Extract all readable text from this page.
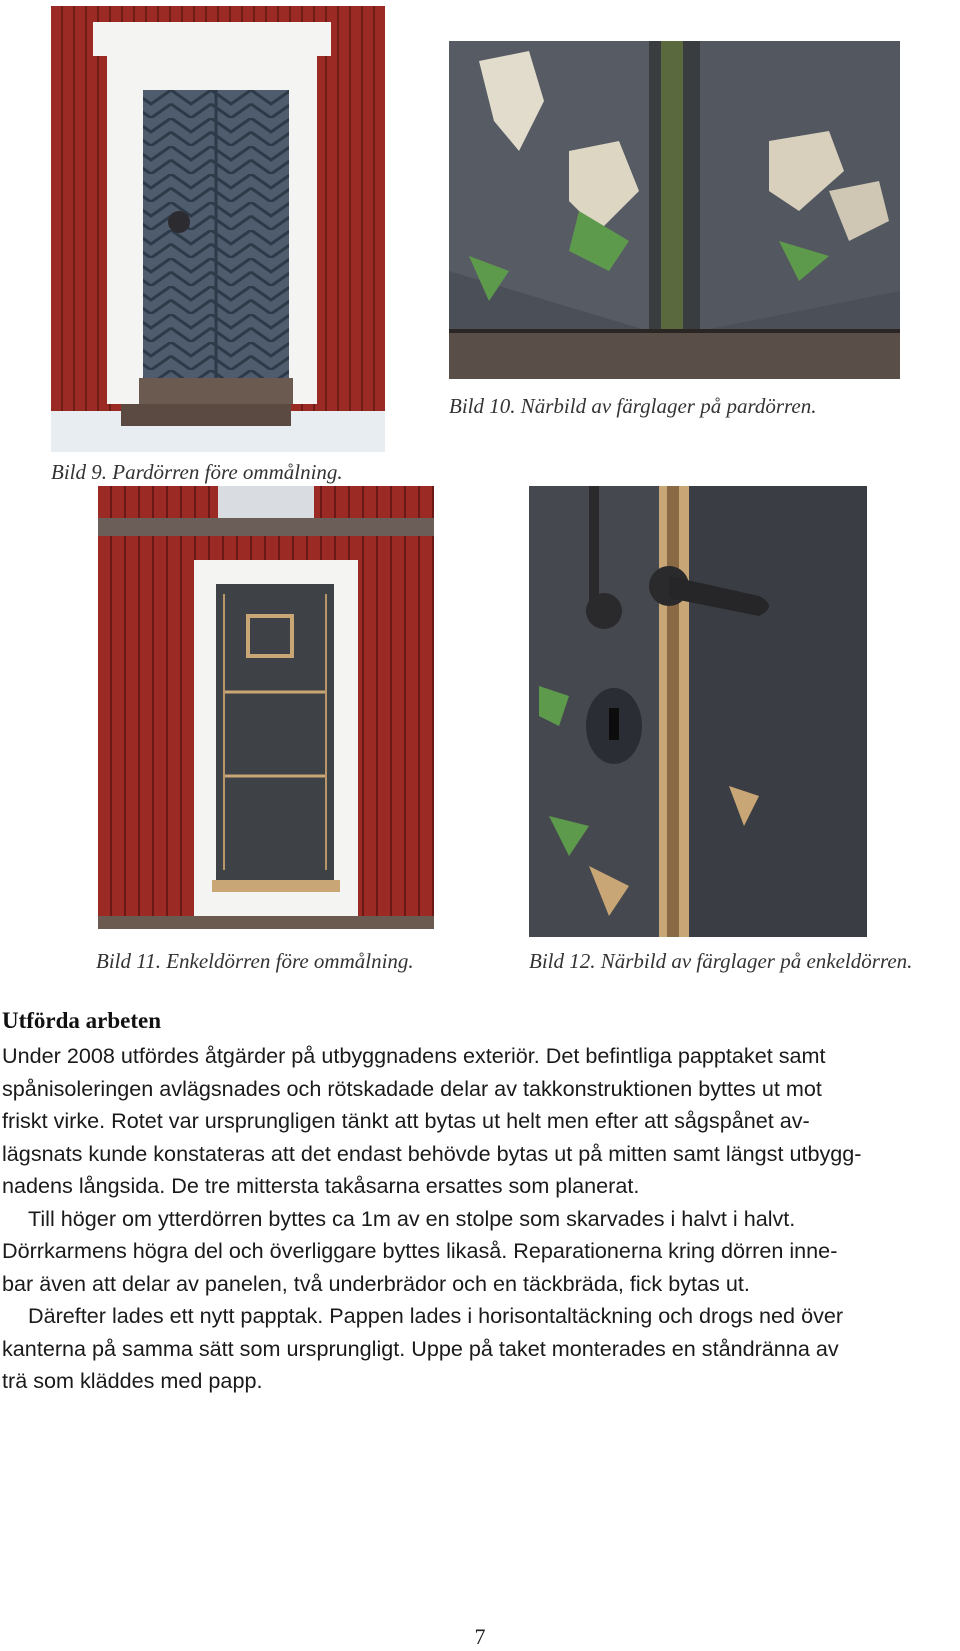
Bild 10. Närbild av färglager på pardörren.
Bild 9. Pardörren före ommålning.
Bild 11. Enkeldörren före ommålning.	Bild 12. Närbild av färglager på enkeldörren.
Utförda arbeten

Under 2008 utfördes åtgärder på utbyggnadens exteriör. Det befintliga papptaket samt

spånisoleringen avlägsnades och rötskadade delar av takkonstruktionen byttes ut mot

friskt virke. Rotet var ursprungligen tänkt att bytas ut helt men efter att sågspånet av-

lägsnats kunde konstateras att det endast behövde bytas ut på mitten samt längst utbygg-

nadens långsida. De tre mittersta takåsarna ersattes som planerat.

Till höger om ytterdörren byttes ca 1m av en stolpe som skarvades i halvt i halvt.

Dörrkarmens högra del och överliggare byttes likaså. Reparationerna kring dörren inne-

bar även att delar av panelen, två underbrädor och en täckbräda, fick bytas ut.

Därefter lades ett nytt papptak. Pappen lades i horisontaltäckning och drogs ned över

kanterna på samma sätt som ursprungligt. Uppe på taket monterades en ståndränna av

trä som kläddes med papp.

7
